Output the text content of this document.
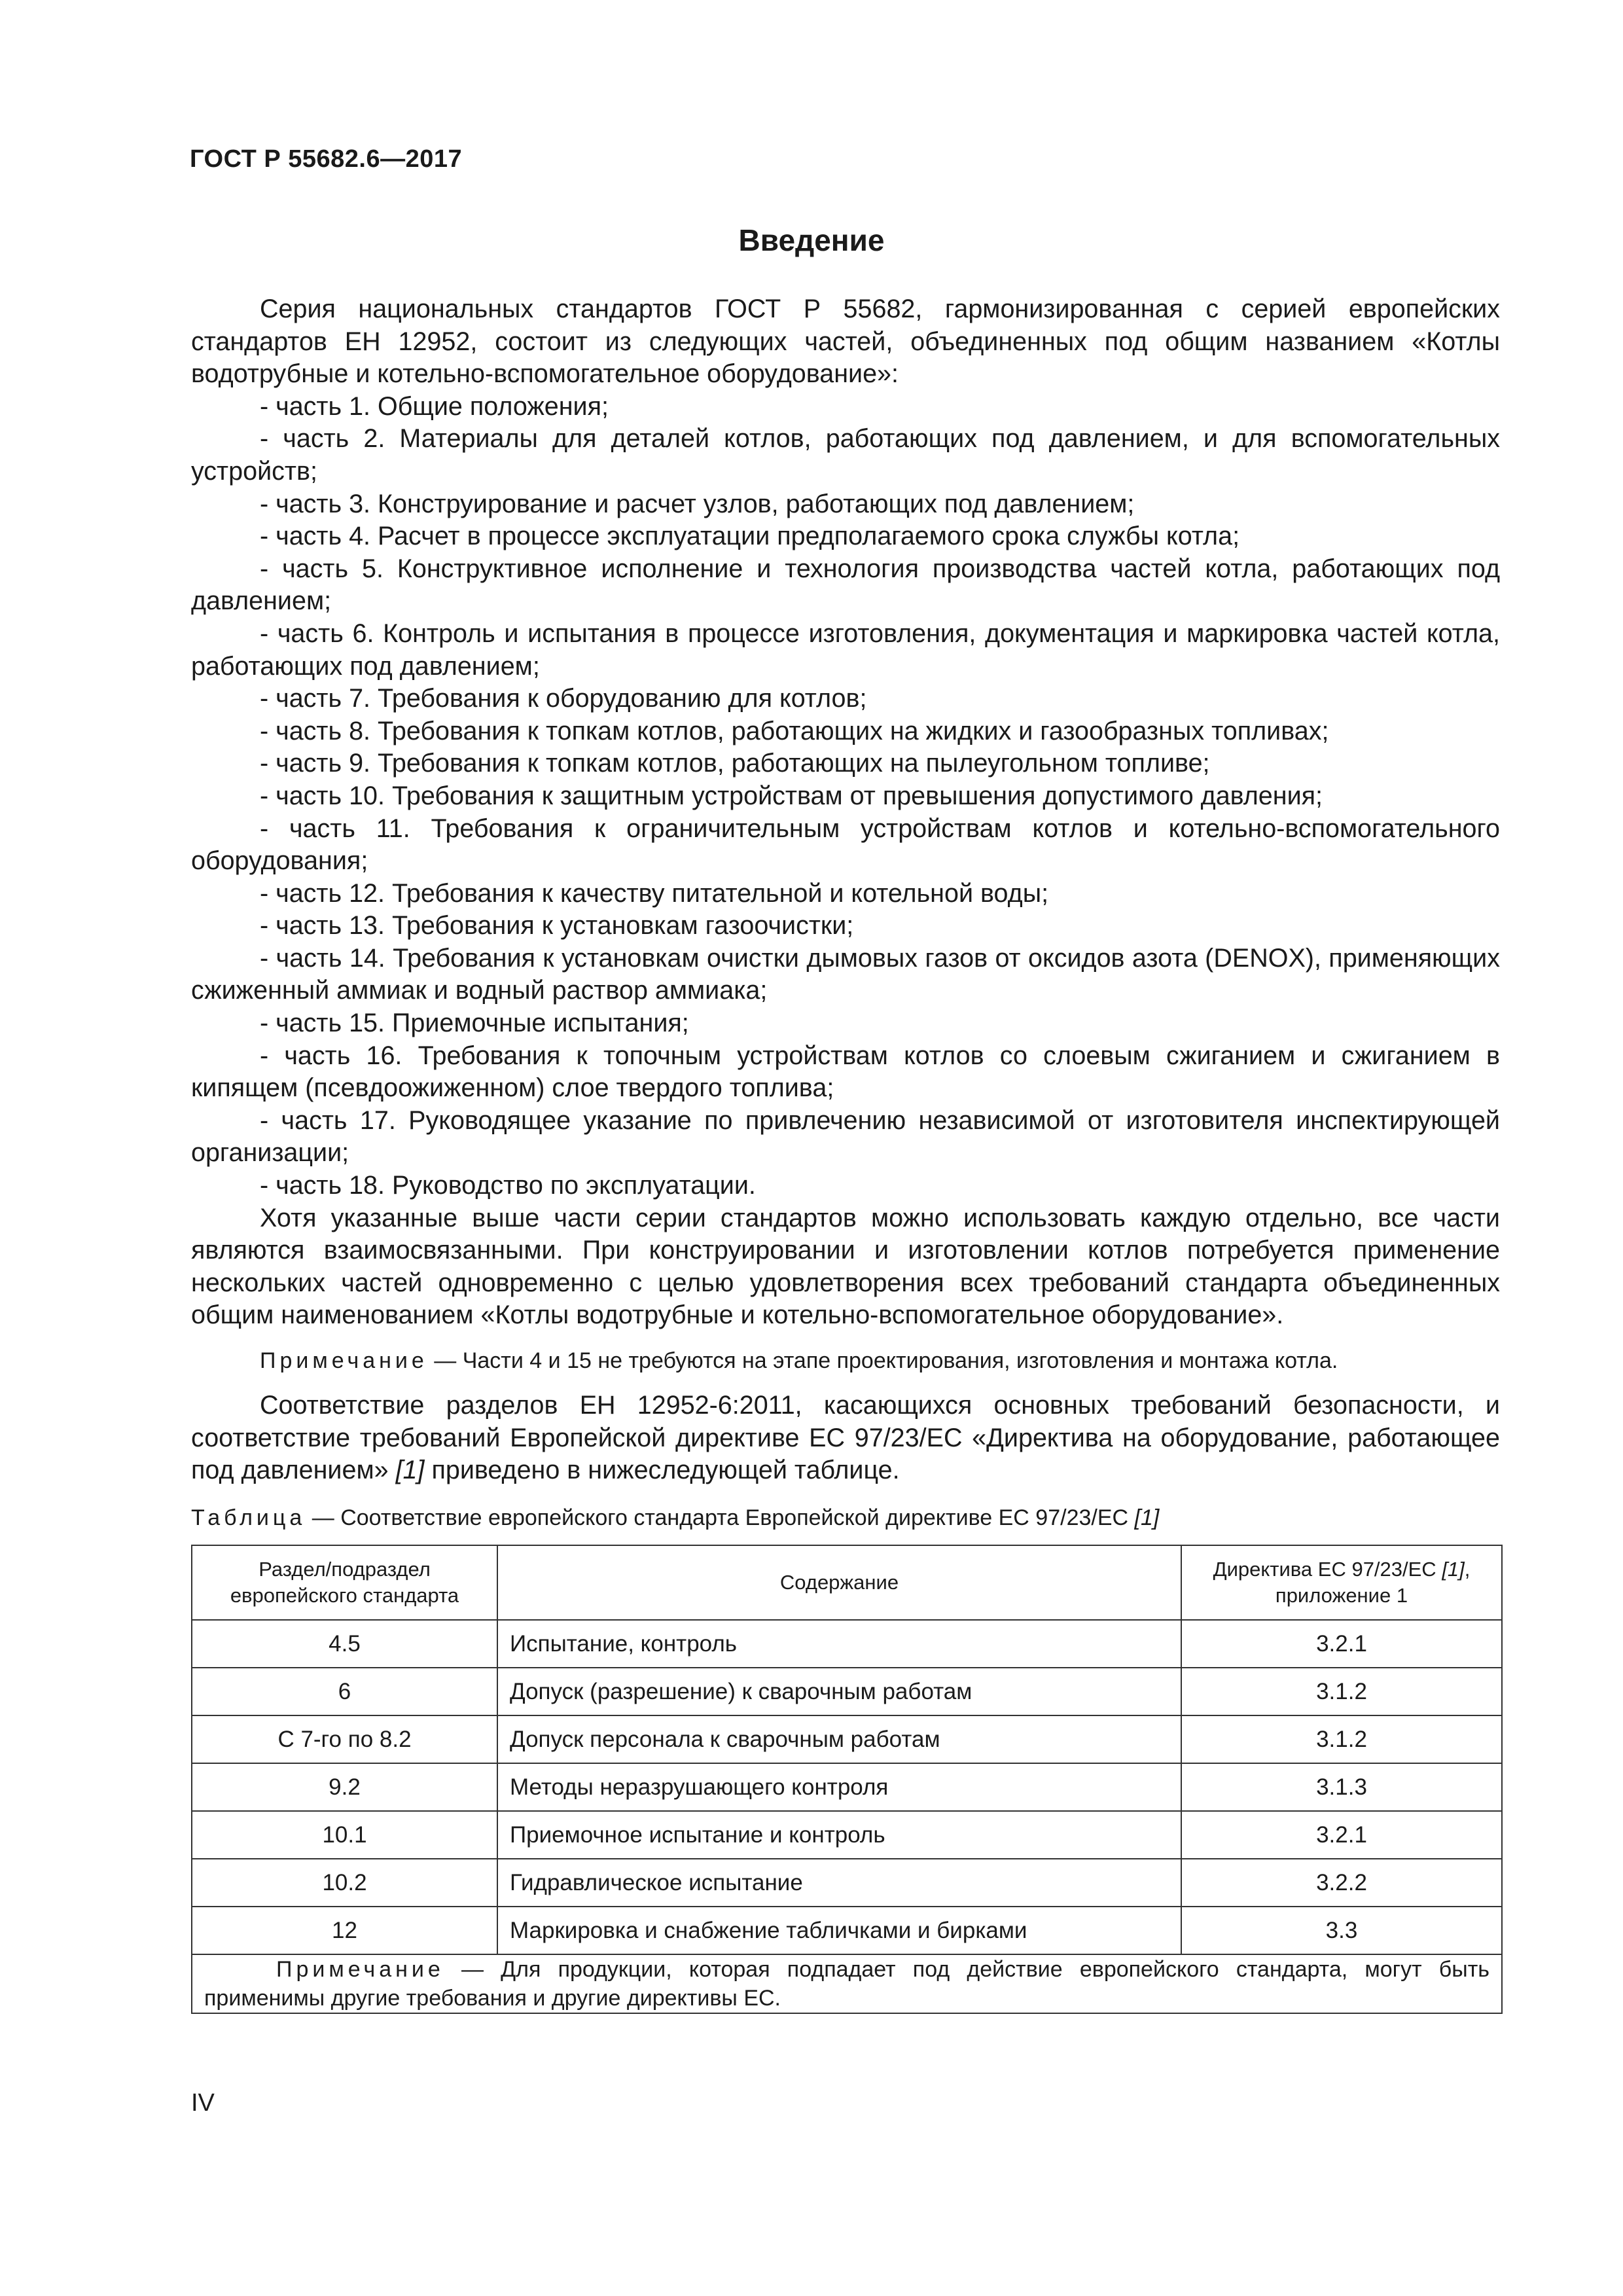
ГОСТ Р 55682.6—2017
Введение

Серия национальных стандартов ГОСТ Р 55682, гармонизированная с серией европейских стандартов ЕН 12952, состоит из следующих частей, объединенных под общим названием «Котлы водотрубные и котельно-вспомогательное оборудование»:

- часть 1. Общие положения;

- часть 2. Материалы для деталей котлов, работающих под давлением, и для вспомогательных устройств;

- часть 3. Конструирование и расчет узлов, работающих под давлением;

- часть 4. Расчет в процессе эксплуатации предполагаемого срока службы котла;

- часть 5. Конструктивное исполнение и технология производства частей котла, работающих под давлением;

- часть 6. Контроль и испытания в процессе изготовления, документация и маркировка частей котла, работающих под давлением;

- часть 7. Требования к оборудованию для котлов;

- часть 8. Требования к топкам котлов, работающих на жидких и газообразных топливах;

- часть 9. Требования к топкам котлов, работающих на пылеугольном топливе;

- часть 10. Требования к защитным устройствам от превышения допустимого давления;

- часть 11. Требования к ограничительным устройствам котлов и котельно-вспомогательного оборудования;

- часть 12. Требования к качеству питательной и котельной воды;

- часть 13. Требования к установкам газоочистки;

- часть 14. Требования к установкам очистки дымовых газов от оксидов азота (DENOX), применяющих сжиженный аммиак и водный раствор аммиака;

- часть 15. Приемочные испытания;

- часть 16. Требования к топочным устройствам котлов со слоевым сжиганием и сжиганием в кипящем (псевдоожиженном) слое твердого топлива;

- часть 17. Руководящее указание по привлечению независимой от изготовителя инспектирующей организации;

- часть 18. Руководство по эксплуатации.

Хотя указанные выше части серии стандартов можно использовать каждую отдельно, все части являются взаимосвязанными. При конструировании и изготовлении котлов потребуется применение нескольких частей одновременно с целью удовлетворения всех требований стандарта объединенных общим наименованием «Котлы водотрубные и котельно-вспомогательное оборудование».

Примечание — Части 4 и 15 не требуются на этапе проектирования, изготовления и монтажа котла.

Соответствие разделов ЕН 12952-6:2011, касающихся основных требований безопасности, и соответствие требований Европейской директиве ЕС 97/23/ЕС «Директива на оборудование, работающее под давлением» [1] приведено в нижеследующей таблице.

Таблица — Соответствие европейского стандарта Европейской директиве ЕС 97/23/ЕС [1]
Раздел/подраздел европейского стандарта	Содержание	Директива ЕС 97/23/ЕС [1], приложение 1
4.5	Испытание, контроль	3.2.1
6	Допуск (разрешение) к сварочным работам	3.1.2
С 7-го по 8.2	Допуск персонала к сварочным работам	3.1.2
9.2	Методы неразрушающего контроля	3.1.3
10.1	Приемочное испытание и контроль	3.2.1
10.2	Гидравлическое испытание	3.2.2
12	Маркировка и снабжение табличками и бирками	3.3
Примечание — Для продукции, которая подпадает под действие европейского стандарта, могут быть применимы другие требования и другие директивы ЕС.		
IV
